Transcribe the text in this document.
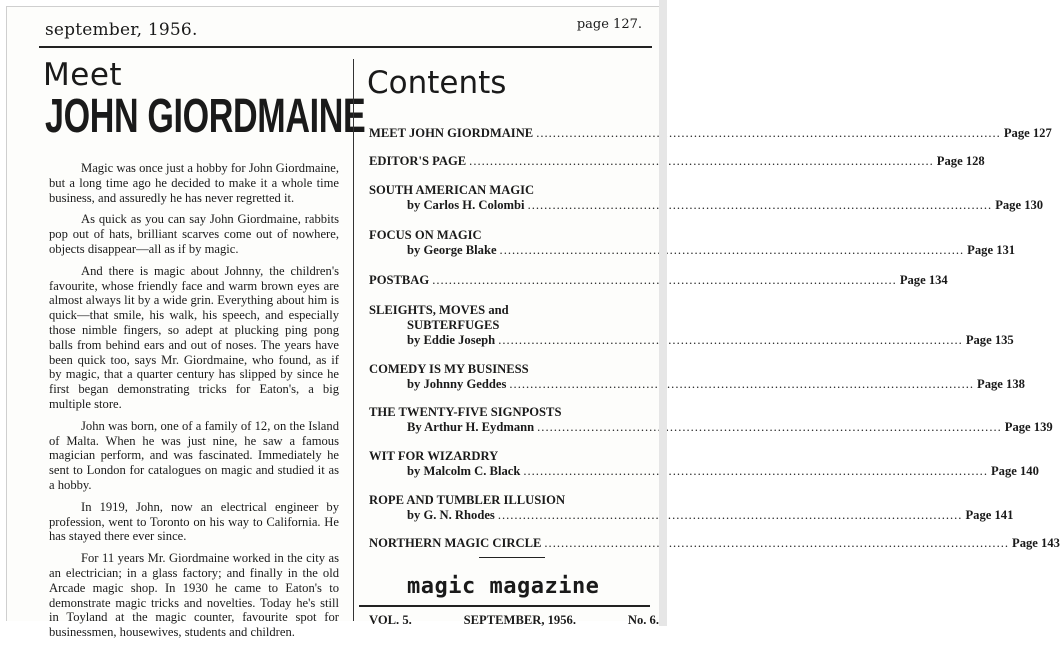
september, 1956.	page 127.
Meet
JOHN GIORDMAINE

Magic was once just a hobby for John Giordmaine, but a long time ago he decided to make it a whole time business, and assuredly he has never regretted it.

As quick as you can say John Giordmaine, rabbits pop out of hats, brilliant scarves come out of nowhere, objects disappear—all as if by magic.

And there is magic about Johnny, the children's favourite, whose friendly face and warm brown eyes are almost always lit by a wide grin. Everything about him is quick—that smile, his walk, his speech, and especially those nimble fingers, so adept at plucking ping pong balls from behind ears and out of noses. The years have been quick too, says Mr. Giordmaine, who found, as if by magic, that a quarter century has slipped by since he first began demonstrating tricks for Eaton's, a big multiple store.

John was born, one of a family of 12, on the Island of Malta. When he was just nine, he saw a famous magician perform, and was fascinated. Immediately he sent to London for catalogues on magic and studied it as a hobby.

In 1919, John, now an electrical engineer by profession, went to Toronto on his way to California. He has stayed there ever since.

For 11 years Mr. Giordmaine worked in the city as an electrician; in a glass factory; and finally in the old Arcade magic shop. In 1930 he came to Eaton's to demonstrate magic tricks and novelties. Today he's still in Toyland at the magic counter, favourite spot for businessmen, housewives, students and children.

Contents
MEET JOHN GIORDMAINE .....	Page 127
EDITOR'S PAGE .....	Page 128
SOUTH AMERICAN MAGIC
by Carlos H. Colombi .....	Page 130
FOCUS ON MAGIC
by George Blake .....	Page 131
POSTBAG .....	Page 134
SLEIGHTS, MOVES and
SUBTERFUGES
by Eddie Joseph .....	Page 135
COMEDY IS MY BUSINESS
by Johnny Geddes .....	Page 138
THE TWENTY-FIVE SIGNPOSTS
By Arthur H. Eydmann .....	Page 139
WIT FOR WIZARDRY
by Malcolm C. Black .....	Page 140
ROPE AND TUMBLER ILLUSION
by G. N. Rhodes .....	Page 141
NORTHERN MAGIC CIRCLE .....	Page 143
magic magazine
VOL. 5.	SEPTEMBER, 1956.	No. 6.
